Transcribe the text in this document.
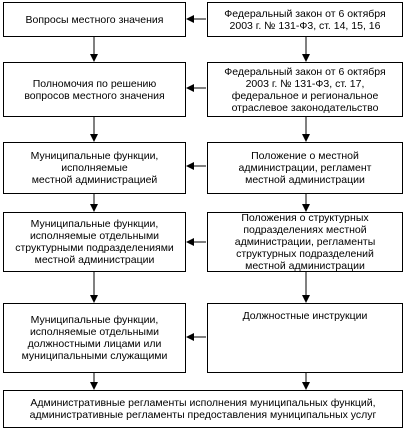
Вопросы местного значения
Полномочия по решению
вопросов местного значения
Муниципальные функции,
исполняемые
местной администрацией
Муниципальные функции,
исполняемые отдельными
структурными подразделениями
местной администрации
Муниципальные функции,
исполняемые отдельными
должностными лицами или
муниципальными служащими
Федеральный закон от 6 октября
2003 г. № 131-Ф3, ст. 14, 15, 16
Федеральный закон от 6 октября
2003 г. № 131-Ф3, ст. 17,
федеральное и региональное
отраслевое законодательство
Положение о местной
администрации, регламент
местной администрации
Положения о структурных
подразделениях местной
администрации, регламенты
структурных подразделений
местной администрации
Должностные инструкции
Административные регламенты исполнения муниципальных функций,
административные регламенты предоставления муниципальных услуг
